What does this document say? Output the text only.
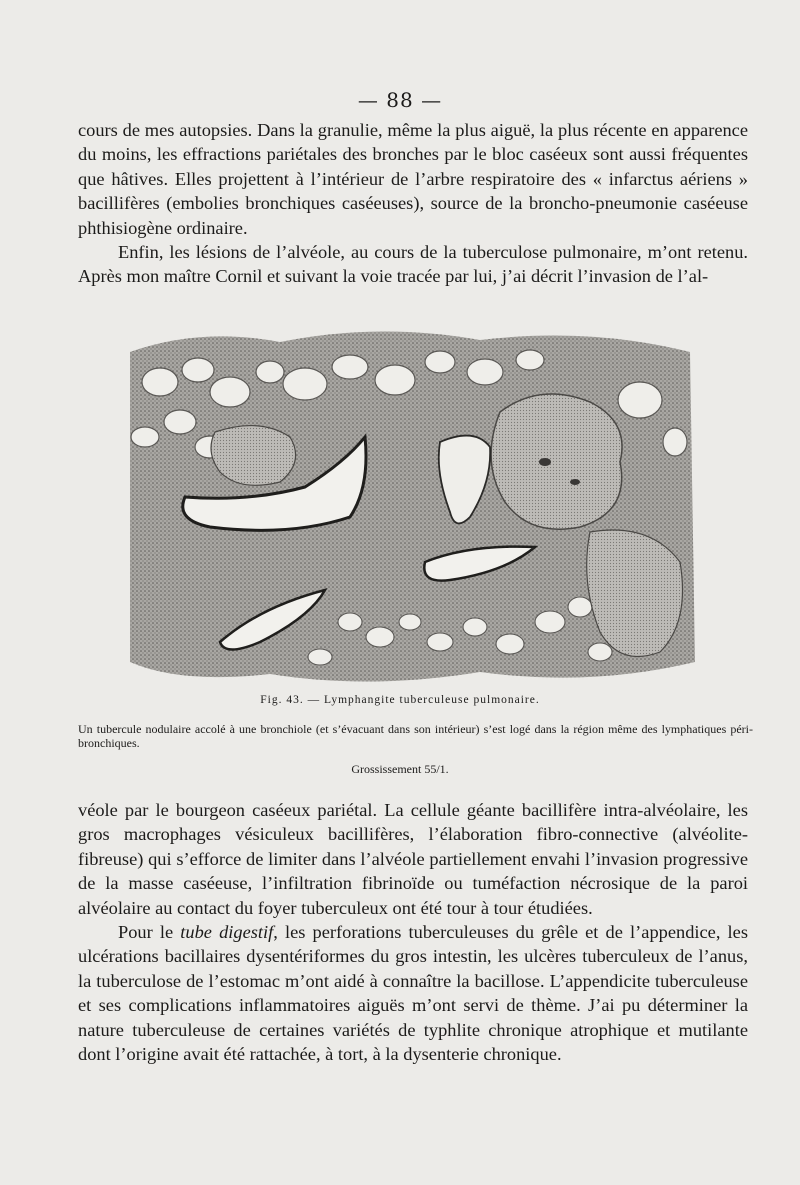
— 88 —

cours de mes autopsies. Dans la granulie, même la plus aiguë, la plus récente en apparence du moins, les effractions pariétales des bronches par le bloc caséeux sont aussi fréquentes que hâtives. Elles projettent à l’intérieur de l’arbre respiratoire des « infarctus aériens » bacillifères (embolies bronchiques caséeuses), source de la broncho-pneumonie caséeuse phthisiogène ordinaire.

Enfin, les lésions de l’alvéole, au cours de la tuberculose pulmonaire, m’ont retenu. Après mon maître Cornil et suivant la voie tracée par lui, j’ai décrit l’invasion de l’al-

Fig. 43. — Lymphangite tuberculeuse pulmonaire.
Un tubercule nodulaire accolé à une bronchiole (et s’évacuant dans son intérieur) s’est logé dans la région même des lymphatiques péri-bronchiques.
Grossissement 55/1.

véole par le bourgeon caséeux pariétal. La cellule géante bacillifère intra-alvéolaire, les gros macrophages vésiculeux bacillifères, l’élaboration fibro-connective (alvéolite-fibreuse) qui s’efforce de limiter dans l’alvéole partiellement envahi l’invasion progressive de la masse caséeuse, l’infiltration fibrinoïde ou tuméfaction nécrosique de la paroi alvéolaire au contact du foyer tuberculeux ont été tour à tour étudiées.

Pour le tube digestif, les perforations tuberculeuses du grêle et de l’appendice, les ulcérations bacillaires dysentériformes du gros intestin, les ulcères tuberculeux de l’anus, la tuberculose de l’estomac m’ont aidé à connaître la bacillose. L’appendicite tuberculeuse et ses complications inflammatoires aiguës m’ont servi de thème. J’ai pu déterminer la nature tuberculeuse de certaines variétés de typhlite chronique atrophique et mutilante dont l’origine avait été rattachée, à tort, à la dysenterie chronique.
